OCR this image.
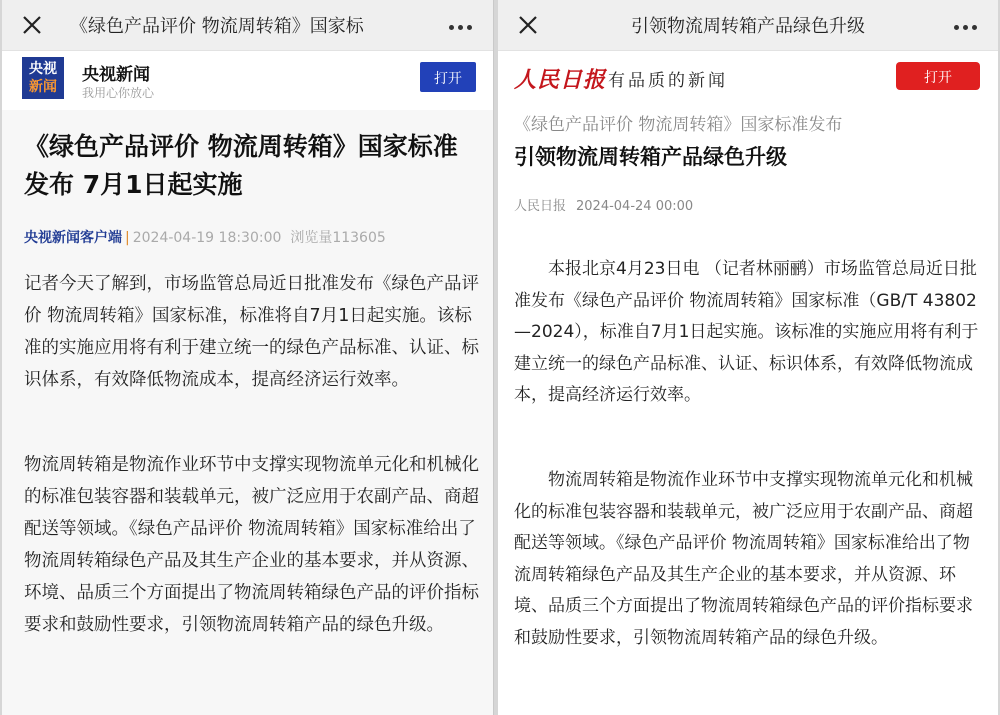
《绿色产品评价 物流周转箱》国家标
央视
新闻
央视新闻
我用心你放心
打开
《绿色产品评价 物流周转箱》国家标准发布 7月1日起实施
央视新闻客户端 | 2024-04-19 18:30:00 浏览量113605
记者今天了解到，市场监管总局近日批准发布《绿色产品评价 物流周转箱》国家标准，标准将自7月1日起实施。该标准的实施应用将有利于建立统一的绿色产品标准、认证、标识体系，有效降低物流成本，提高经济运行效率。
物流周转箱是物流作业环节中支撑实现物流单元化和机械化的标准包装容器和装载单元，被广泛应用于农副产品、商超配送等领域。《绿色产品评价 物流周转箱》国家标准给出了物流周转箱绿色产品及其生产企业的基本要求，并从资源、环境、品质三个方面提出了物流周转箱绿色产品的评价指标要求和鼓励性要求，引领物流周转箱产品的绿色升级。
引领物流周转箱产品绿色升级
人民日报 有品质的新闻	打开
《绿色产品评价 物流周转箱》国家标准发布
引领物流周转箱产品绿色升级
人民日报 2024-04-24 00:00
本报北京4月23日电 （记者林丽鹂）市场监管总局近日批准发布《绿色产品评价 物流周转箱》国家标准（GB/T 43802—2024），标准自7月1日起实施。该标准的实施应用将有利于建立统一的绿色产品标准、认证、标识体系，有效降低物流成本，提高经济运行效率。
物流周转箱是物流作业环节中支撑实现物流单元化和机械化的标准包装容器和装载单元，被广泛应用于农副产品、商超配送等领域。《绿色产品评价 物流周转箱》国家标准给出了物流周转箱绿色产品及其生产企业的基本要求，并从资源、环境、品质三个方面提出了物流周转箱绿色产品的评价指标要求和鼓励性要求，引领物流周转箱产品的绿色升级。
